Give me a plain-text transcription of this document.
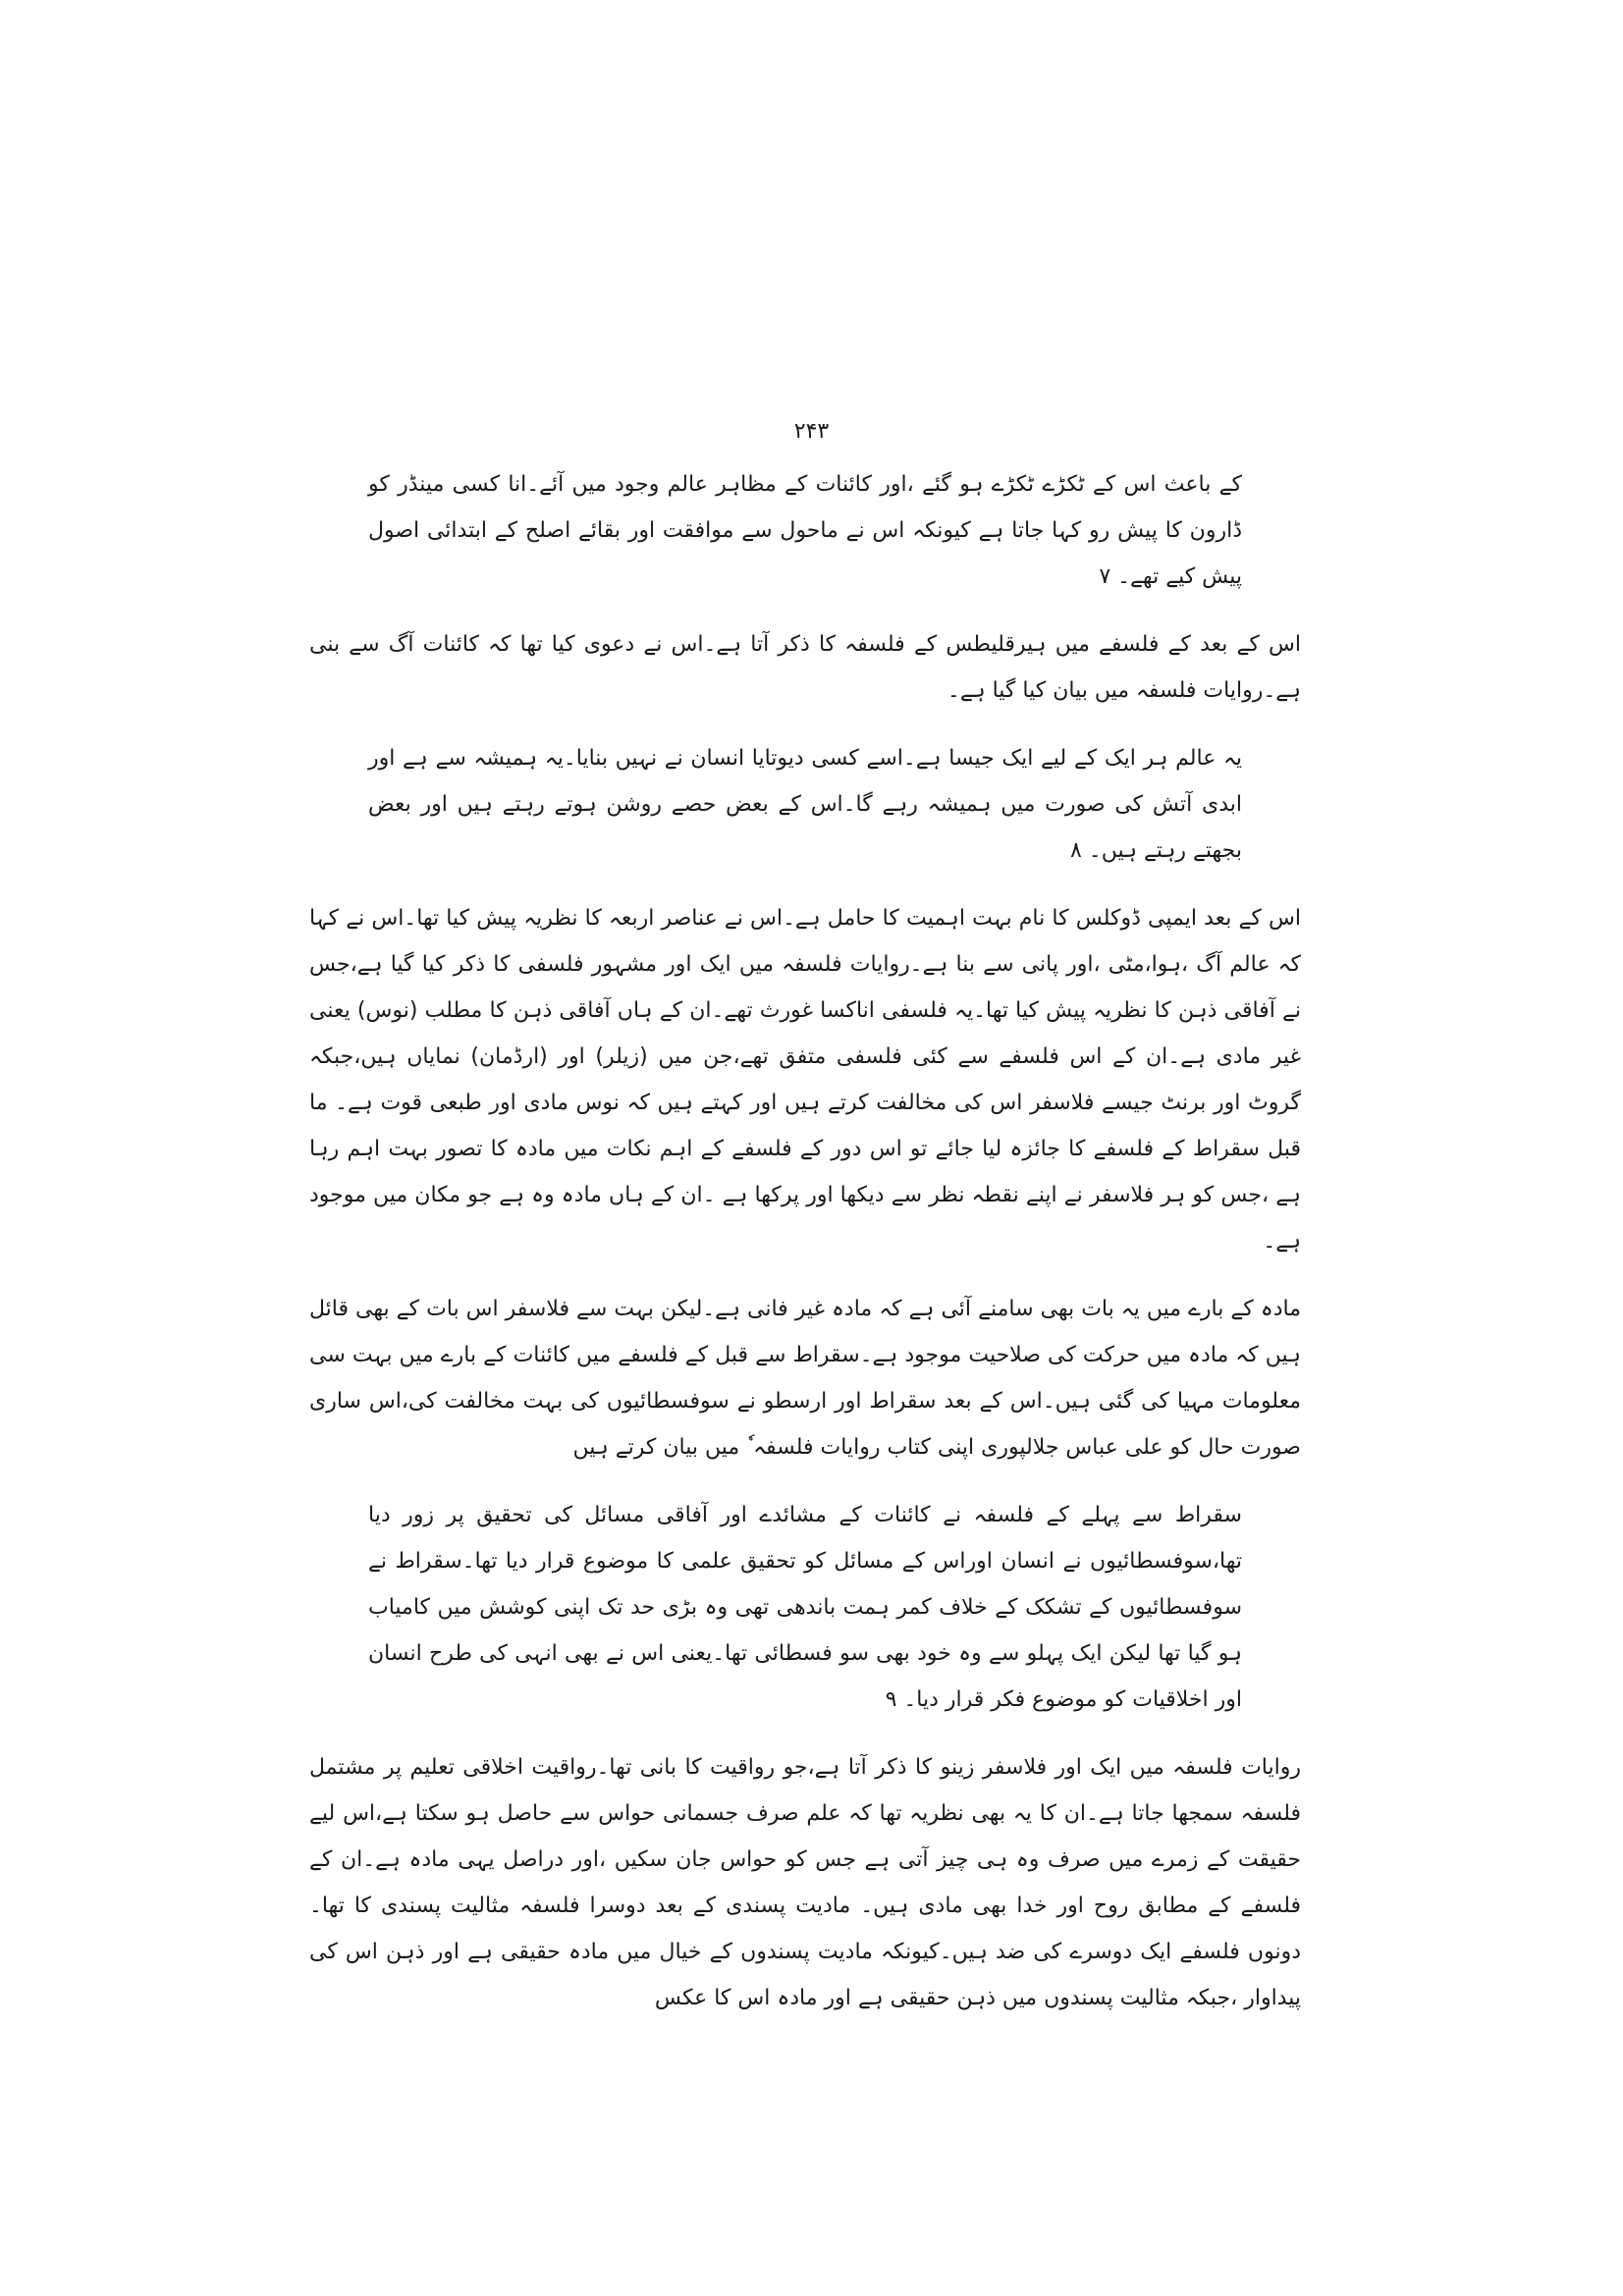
۲۴۳

کے باعث اس کے ٹکڑے ٹکڑے ہو گئے ،اور کائنات کے مظاہر عالم وجود میں آئے۔انا کسی مینڈر کو ڈارون کا پیش رو کہا جاتا ہے کیونکہ اس نے ماحول سے موافقت اور بقائے اصلح کے ابتدائی اصول پیش کیے تھے۔ ۷

اس کے بعد کے فلسفے میں ہیرقلیطس کے فلسفہ کا ذکر آتا ہے۔اس نے دعوی کیا تھا کہ کائنات آگ سے بنی ہے۔روایات فلسفہ میں بیان کیا گیا ہے۔

یہ عالم ہر ایک کے لیے ایک جیسا ہے۔اسے کسی دیوتایا انسان نے نہیں بنایا۔یہ ہمیشہ سے ہے اور ابدی آتش کی صورت میں ہمیشہ رہے گا۔اس کے بعض حصے روشن ہوتے رہتے ہیں اور بعض بجھتے رہتے ہیں۔ ۸

اس کے بعد ایمپی ڈوکلس کا نام بہت اہمیت کا حامل ہے۔اس نے عناصر اربعہ کا نظریہ پیش کیا تھا۔اس نے کہا کہ عالم آگ ،ہوا،مٹی ،اور پانی سے بنا ہے۔روایات فلسفہ میں ایک اور مشہور فلسفی کا ذکر کیا گیا ہے،جس نے آفاقی ذہن کا نظریہ پیش کیا تھا۔یہ فلسفی اناکسا غورث تھے۔ان کے ہاں آفاقی ذہن کا مطلب (نوس) یعنی غیر مادی ہے۔ان کے اس فلسفے سے کئی فلسفی متفق تھے،جن میں (زیلر) اور (ارڈمان) نمایاں ہیں،جبکہ گروٹ اور برنٹ جیسے فلاسفر اس کی مخالفت کرتے ہیں اور کہتے ہیں کہ نوس مادی اور طبعی قوت ہے۔ ما قبل سقراط کے فلسفے کا جائزہ لیا جائے تو اس دور کے فلسفے کے اہم نکات میں مادہ کا تصور بہت اہم رہا ہے ،جس کو ہر فلاسفر نے اپنے نقطہ نظر سے دیکھا اور پرکھا ہے ۔ان کے ہاں مادہ وہ ہے جو مکان میں موجود ہے۔

مادہ کے بارے میں یہ بات بھی سامنے آئی ہے کہ مادہ غیر فانی ہے۔لیکن بہت سے فلاسفر اس بات کے بھی قائل ہیں کہ مادہ میں حرکت کی صلاحیت موجود ہے۔سقراط سے قبل کے فلسفے میں کائنات کے بارے میں بہت سی معلومات مہیا کی گئی ہیں۔اس کے بعد سقراط اور ارسطو نے سوفسطائیوں کی بہت مخالفت کی،اس ساری صورت حال کو علی عباس جلالپوری اپنی کتاب روایات فلسفہ ٗ میں بیان کرتے ہیں

سقراط سے پہلے کے فلسفہ نے کائنات کے مشائدے اور آفاقی مسائل کی تحقیق پر زور دیا تھا،سوفسطائیوں نے انسان اوراس کے مسائل کو تحقیق علمی کا موضوع قرار دیا تھا۔سقراط نے سوفسطائیوں کے تشکک کے خلاف کمر ہمت باندھی تھی وہ بڑی حد تک اپنی کوشش میں کامیاب ہو گیا تھا لیکن ایک پہلو سے وہ خود بھی سو فسطائی تھا۔یعنی اس نے بھی انہی کی طرح انسان اور اخلاقیات کو موضوع فکر قرار دیا۔ ۹

روایات فلسفہ میں ایک اور فلاسفر زینو کا ذکر آتا ہے،جو رواقیت کا بانی تھا۔رواقیت اخلاقی تعلیم پر مشتمل فلسفہ سمجھا جاتا ہے۔ان کا یہ بھی نظریہ تھا کہ علم صرف جسمانی حواس سے حاصل ہو سکتا ہے،اس لیے حقیقت کے زمرے میں صرف وہ ہی چیز آتی ہے جس کو حواس جان سکیں ،اور دراصل یہی مادہ ہے۔ان کے فلسفے کے مطابق روح اور خدا بھی مادی ہیں۔ مادیت پسندی کے بعد دوسرا فلسفہ مثالیت پسندی کا تھا۔دونوں فلسفے ایک دوسرے کی ضد ہیں۔کیونکہ مادیت پسندوں کے خیال میں مادہ حقیقی ہے اور ذہن اس کی پیداوار ،جبکہ مثالیت پسندوں میں ذہن حقیقی ہے اور مادہ اس کا عکس
